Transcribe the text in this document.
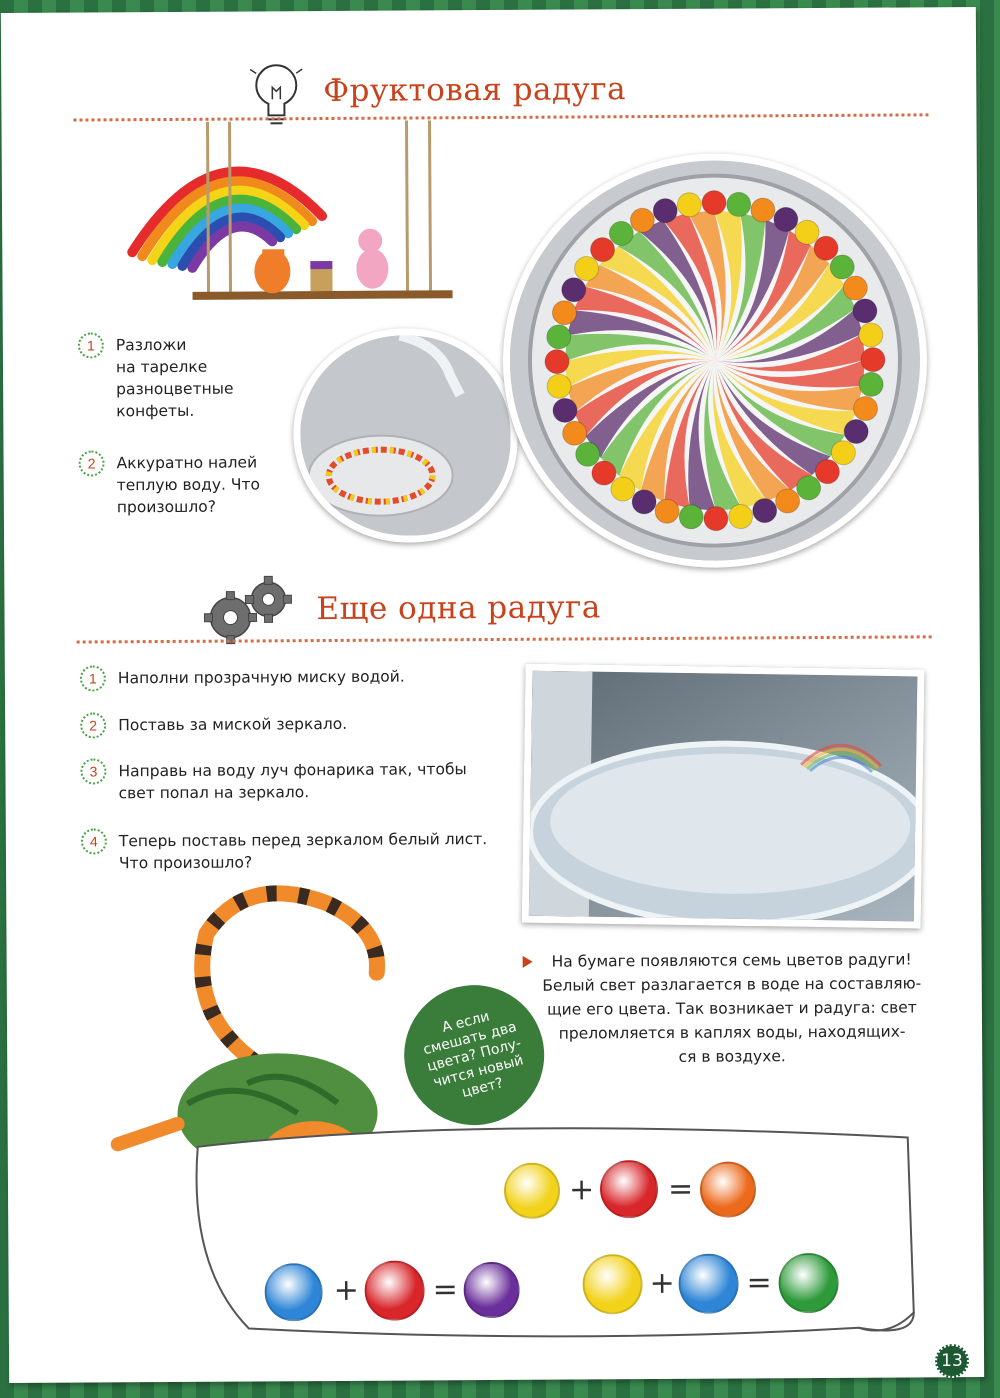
Фруктовая радуга
1	Разложи
на тарелке
разноцветные
конфеты.
2	Аккуратно налей
теплую воду. Что
произошло?
Еще одна радуга
1	Наполни прозрачную миску водой.
2	Поставь за миской зеркало.
3	Направь на воду луч фонарика так, чтобы
свет попал на зеркало.
4	Теперь поставь перед зеркалом белый лист.
Что произошло?
На бумаге появляются семь цветов радуги!
Белый свет разлагается в воде на составляю-
щие его цвета. Так возникает и радуга: свет
преломляется в каплях воды, находящих-
ся в воздухе.
А если
смешать два
цвета? Полу-
чится новый
цвет?
+ =
+ =	+ =
13
